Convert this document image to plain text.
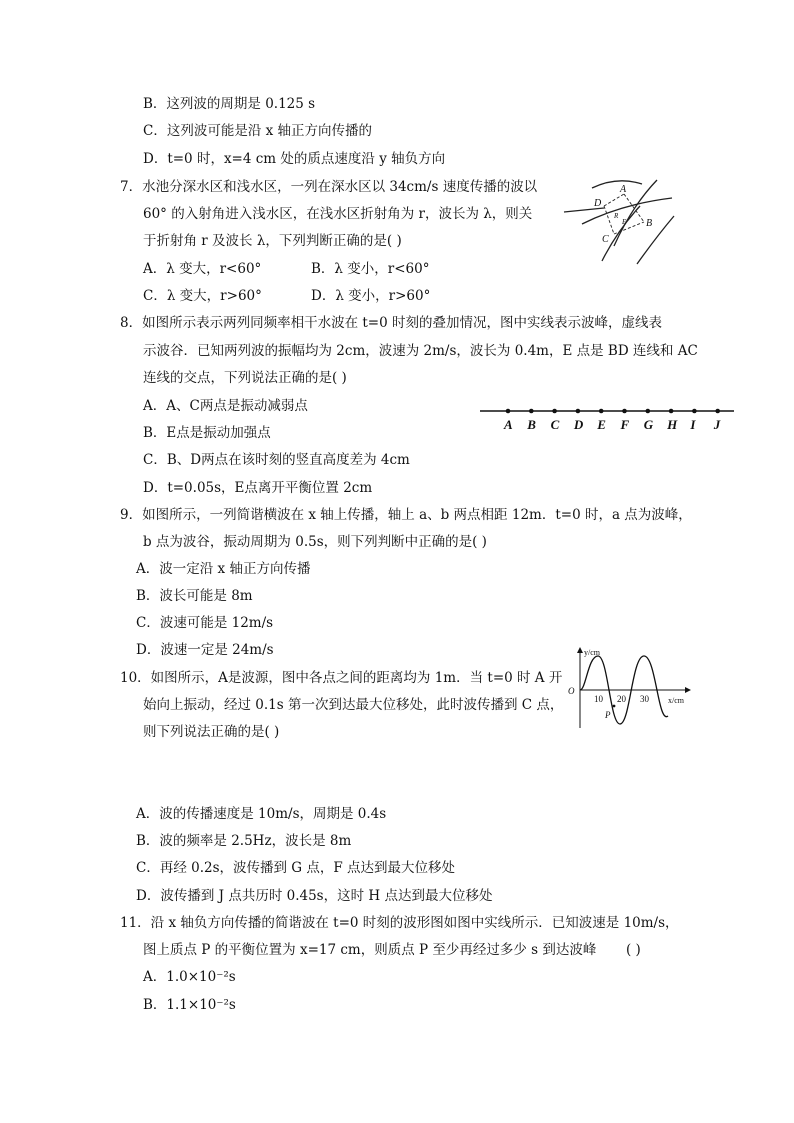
B．这列波的周期是 0.125 s
C．这列波可能是沿 x 轴正方向传播的
D．t=0 时，x=4 cm 处的质点速度沿 y 轴负方向
7．水池分深水区和浅水区，一列在深水区以 34cm/s 速度传播的波以
60° 的入射角进入浅水区，在浅水区折射角为 r，波长为 λ，则关
于折射角 r 及波长 λ，下列判断正确的是( )
A．λ 变大，r<60°	B．λ 变小，r<60°
C．λ 变大，r>60°	D．λ 变小，r>60°
8．如图所示表示两列同频率相干水波在 t=0 时刻的叠加情况，图中实线表示波峰，虚线表
示波谷．已知两列波的振幅均为 2cm，波速为 2m/s，波长为 0.4m，E 点是 BD 连线和 AC
连线的交点，下列说法正确的是( )
A．A、C两点是振动减弱点
B．E点是振动加强点
C．B、D两点在该时刻的竖直高度差为 4cm
D．t=0.05s，E点离开平衡位置 2cm
9．如图所示，一列简谐横波在 x 轴上传播，轴上 a、b 两点相距 12m．t=0 时，a 点为波峰，
b 点为波谷，振动周期为 0.5s，则下列判断中正确的是( )
A．波一定沿 x 轴正方向传播
B．波长可能是 8m
C．波速可能是 12m/s
D．波速一定是 24m/s
10．如图所示，A是波源，图中各点之间的距离均为 1m．当 t=0 时 A 开
始向上振动，经过 0.1s 第一次到达最大位移处，此时波传播到 C 点，
则下列说法正确的是( )
A．波的传播速度是 10m/s，周期是 0.4s
B．波的频率是 2.5Hz，波长是 8m
C．再经 0.2s，波传播到 G 点，F 点达到最大位移处
D．波传播到 J 点共历时 0.45s，这时 H 点达到最大位移处
11．沿 x 轴负方向传播的简谐波在 t=0 时刻的波形图如图中实线所示．已知波速是 10m/s，
图上质点 P 的平衡位置为 x=17 cm，则质点 P 至少再经过多少 s 到达波峰 ( )
A．1.0×10⁻²s
B．1.1×10⁻²s
A
B
C
D
R
E
A B C D E F G H I J
y/cm
x/cm
O
10 20 30
P
